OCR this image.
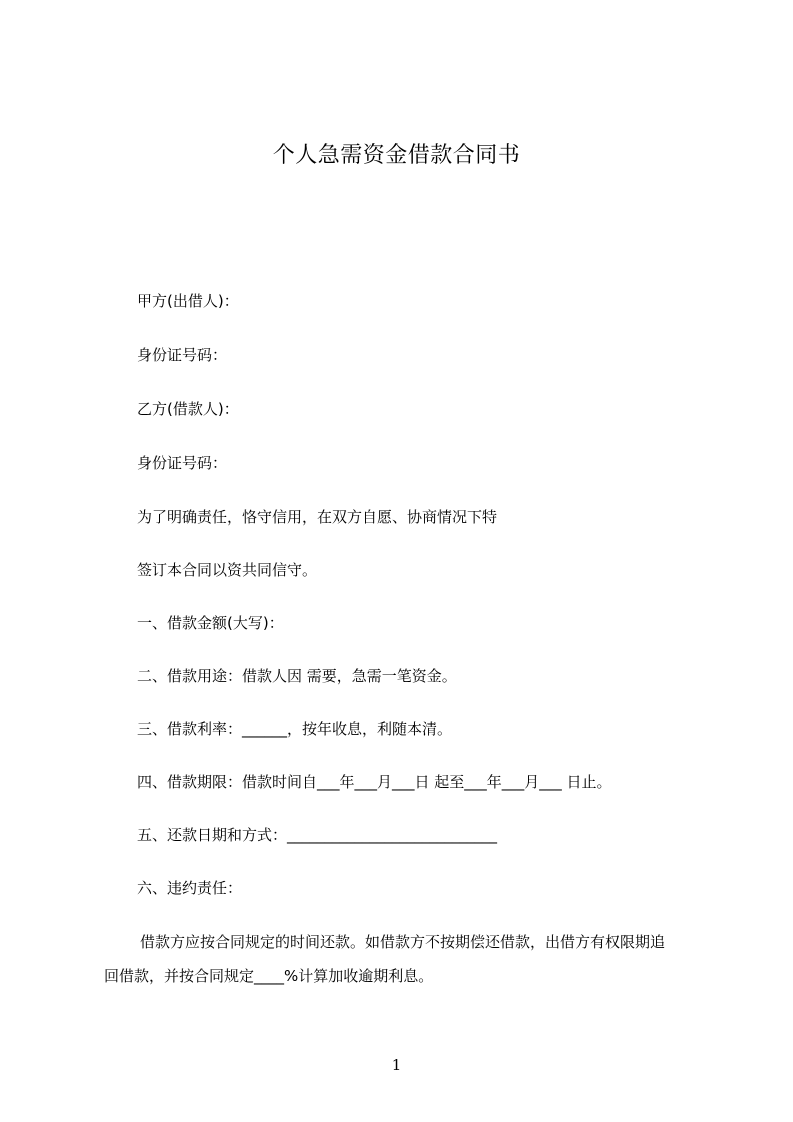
个人急需资金借款合同书
甲方(出借人)：
身份证号码：
乙方(借款人)：
身份证号码：
为了明确责任，恪守信用，在双方自愿、协商情况下特
签订本合同以资共同信守。
一、借款金额(大写)：
二、借款用途：借款人因 需要，急需一笔资金。
三、借款利率：______，按年收息，利随本清。
四、借款期限：借款时间自___年___月___日 起至___年___月___ 日止。
五、还款日期和方式：____________________________
六、违约责任：
借款方应按合同规定的时间还款。如借款方不按期偿还借款，出借方有权限期追
回借款，并按合同规定____%计算加收逾期利息。
1
